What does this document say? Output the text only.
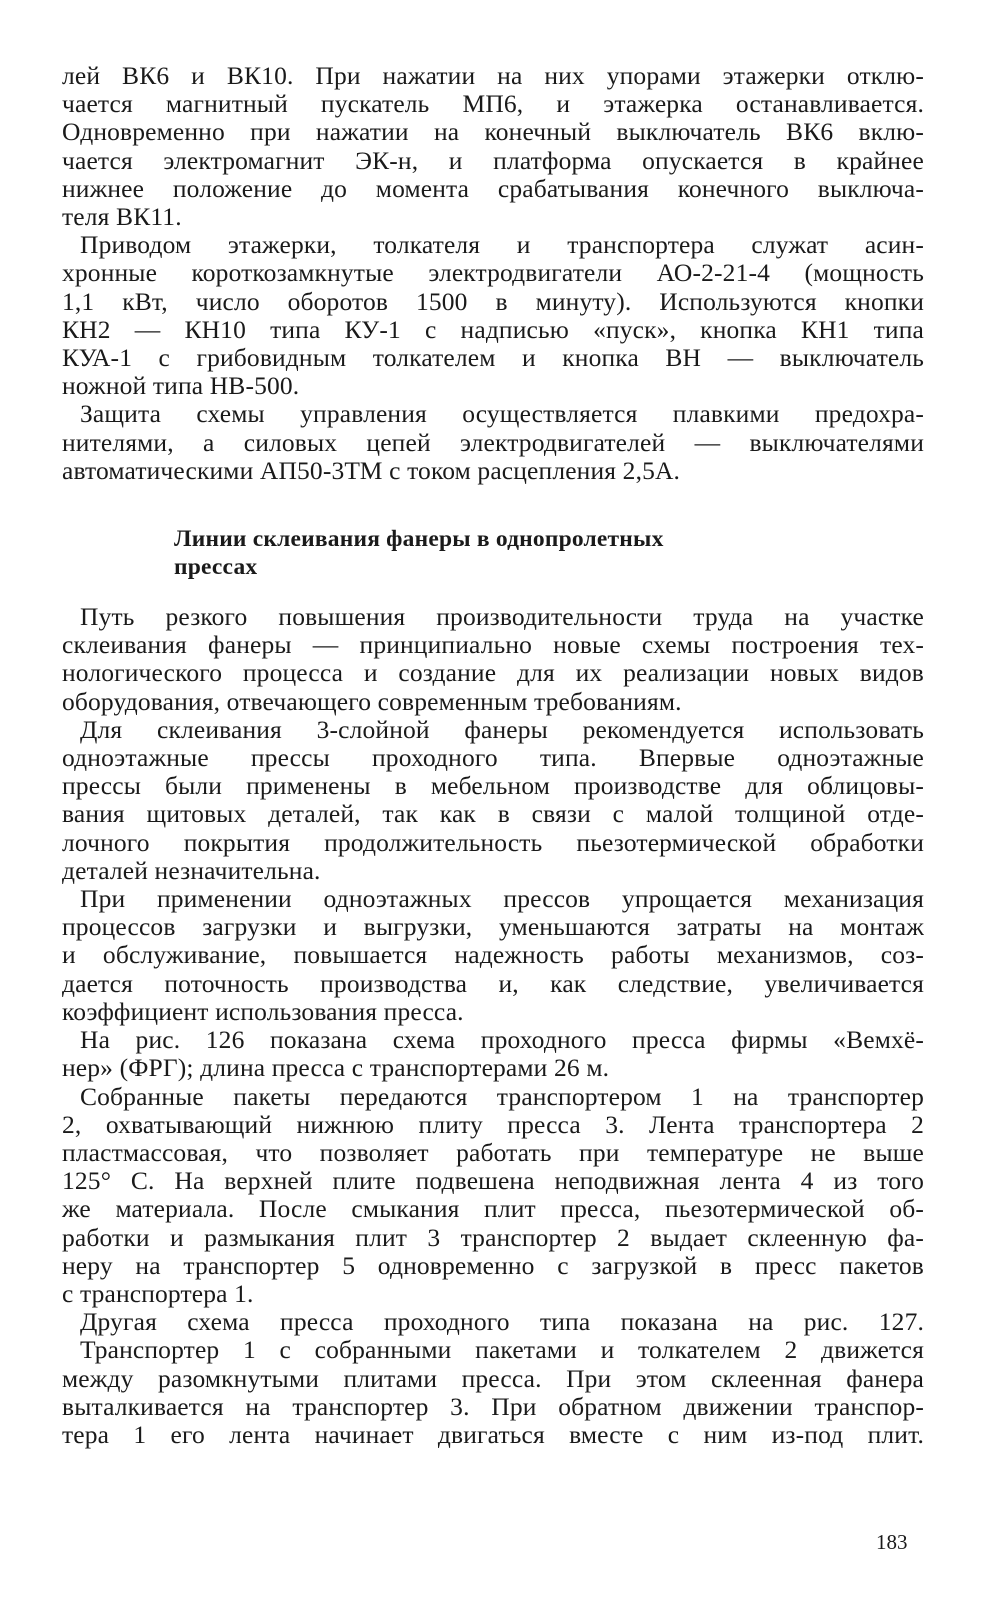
лей ВК6 и ВК10. При нажатии на них упорами этажерки отклю-
чается магнитный пускатель МП6, и этажерка останавливается.
Одновременно при нажатии на конечный выключатель ВК6 вклю-
чается электромагнит ЭК-н, и платформа опускается в крайнее
нижнее положение до момента срабатывания конечного выключа-
теля ВК11.

Приводом этажерки, толкателя и транспортера служат асин-
хронные короткозамкнутые электродвигатели АО-2-21-4 (мощность
1,1 кВт, число оборотов 1500 в минуту). Используются кнопки
КН2 — КН10 типа КУ-1 с надписью «пуск», кнопка КН1 типа
КУА-1 с грибовидным толкателем и кнопка ВН — выключатель
ножной типа НВ-500.

Защита схемы управления осуществляется плавкими предохра-
нителями, а силовых цепей электродвигателей — выключателями
автоматическими АП50-3ТМ с током расцепления 2,5А.

Линии склеивания фанеры в однопролетных
прессах

Путь резкого повышения производительности труда на участке
склеивания фанеры — принципиально новые схемы построения тех-
нологического процесса и создание для их реализации новых видов
оборудования, отвечающего современным требованиям.

Для склеивания 3-слойной фанеры рекомендуется использовать
одноэтажные прессы проходного типа. Впервые одноэтажные
прессы были применены в мебельном производстве для облицовы-
вания щитовых деталей, так как в связи с малой толщиной отде-
лочного покрытия продолжительность пьезотермической обработки
деталей незначительна.

При применении одноэтажных прессов упрощается механизация
процессов загрузки и выгрузки, уменьшаются затраты на монтаж
и обслуживание, повышается надежность работы механизмов, соз-
дается поточность производства и, как следствие, увеличивается
коэффициент использования пресса.

На рис. 126 показана схема проходного пресса фирмы «Вемхё-
нер» (ФРГ); длина пресса с транспортерами 26 м.

Собранные пакеты передаются транспортером 1 на транспортер
2, охватывающий нижнюю плиту пресса 3. Лента транспортера 2
пластмассовая, что позволяет работать при температуре не выше
125° С. На верхней плите подвешена неподвижная лента 4 из того
же материала. После смыкания плит пресса, пьезотермической об-
работки и размыкания плит 3 транспортер 2 выдает склеенную фа-
неру на транспортер 5 одновременно с загрузкой в пресс пакетов
с транспортера 1.

Другая схема пресса проходного типа показана на рис. 127.

Транспортер 1 с собранными пакетами и толкателем 2 движется
между разомкнутыми плитами пресса. При этом склеенная фанера
выталкивается на транспортер 3. При обратном движении транспор-
тера 1 его лента начинает двигаться вместе с ним из-под плит.

183
